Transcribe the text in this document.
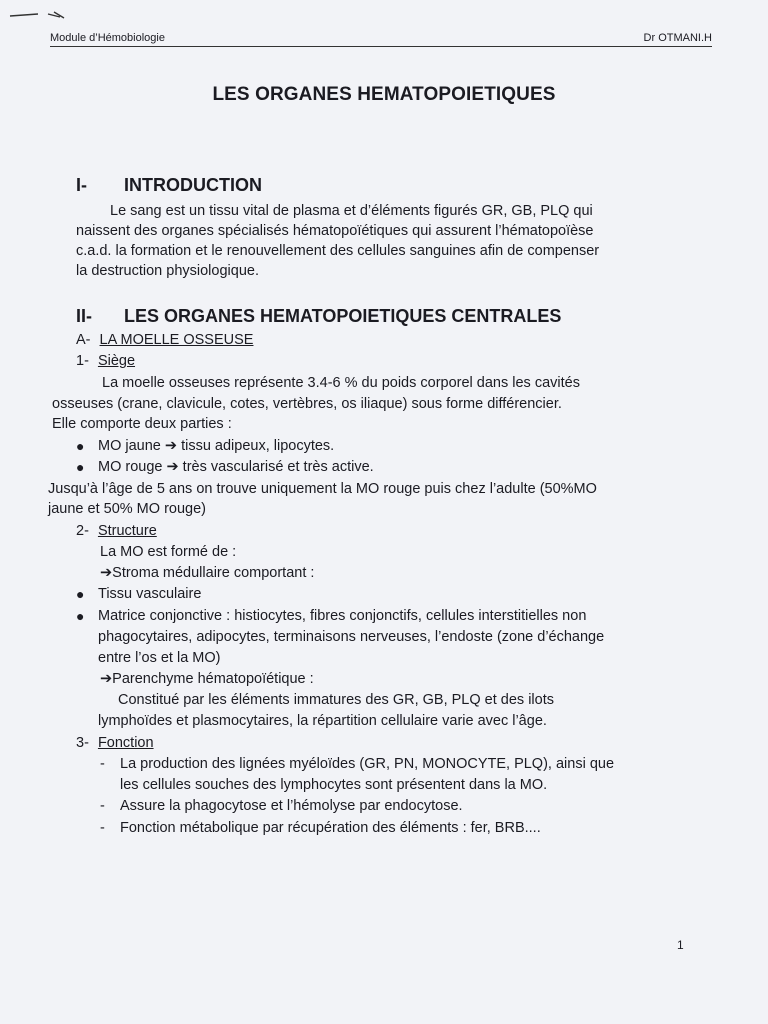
Module d’Hémobiologie	Dr OTMANI.H
LES ORGANES HEMATOPOIETIQUES
I- INTRODUCTION
Le sang est un tissu vital de plasma et d’éléments figurés GR, GB, PLQ qui
naissent des organes spécialisés hématopoïétiques qui assurent l’hématopoïèse
c.a.d. la formation et le renouvellement des cellules sanguines afin de compenser
la destruction physiologique.
II- LES ORGANES HEMATOPOIETIQUES CENTRALES
A- LA MOELLE OSSEUSE
1- Siège
La moelle osseuses représente 3.4-6 % du poids corporel dans les cavités
osseuses (crane, clavicule, cotes, vertèbres, os iliaque) sous forme différencier.
Elle comporte deux parties :
● MO jaune ➔ tissu adipeux, lipocytes.
● MO rouge ➔ très vascularisé et très active.
Jusqu’à l’âge de 5 ans on trouve uniquement la MO rouge puis chez l’adulte (50%MO
jaune et 50% MO rouge)
2- Structure
La MO est formé de :
➔Stroma médullaire comportant :
● Tissu vasculaire
● Matrice conjonctive : histiocytes, fibres conjonctifs, cellules interstitielles non
phagocytaires, adipocytes, terminaisons nerveuses, l’endoste (zone d’échange
entre l’os et la MO)
➔Parenchyme hématopoïétique :
Constitué par les éléments immatures des GR, GB, PLQ et des ilots
lymphoïdes et plasmocytaires, la répartition cellulaire varie avec l’âge.
3- Fonction
- La production des lignées myéloïdes (GR, PN, MONOCYTE, PLQ), ainsi que
les cellules souches des lymphocytes sont présentent dans la MO.
- Assure la phagocytose et l’hémolyse par endocytose.
- Fonction métabolique par récupération des éléments : fer, BRB....
1
